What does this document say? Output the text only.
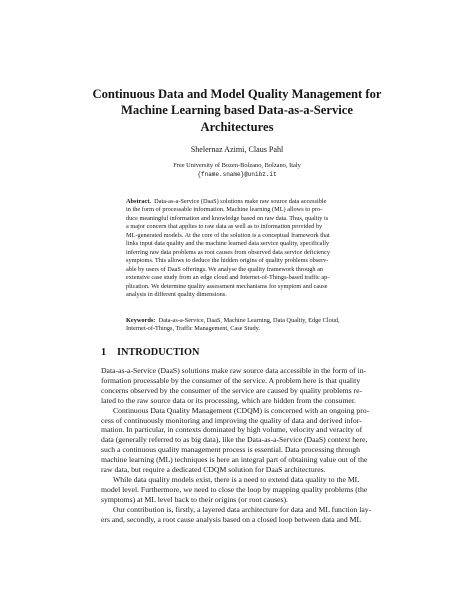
Continuous Data and Model Quality Management for
Machine Learning based Data-as-a-Service
Architectures
Shelernaz Azimi, Claus Pahl
Free University of Bozen-Bolzano, Bolzano, Italy
{fname.sname}@unibz.it
Abstract. Data-as-a-Service (DaaS) solutions make raw source data accessible
in the form of processable information. Machine learning (ML) allows to pro-
duce meaningful information and knowledge based on raw data. Thus, quality is
a major concern that applies to raw data as well as to information provided by
ML-generated models. At the core of the solution is a conceptual framework that
links input data quality and the machine learned data service quality, specifically
inferring raw data problems as root causes from observed data service deficiency
symptoms. This allows to deduce the hidden origins of quality problems observ-
able by users of DaaS offerings. We analyse the quality framework through an
extensive case study from an edge cloud and Internet-of-Things-based traffic ap-
plication. We determine quality assessment mechanisms for symptom and cause
analysis in different quality dimensions.
Keywords: Data-as-a-Service, DaaS, Machine Learning, Data Quality, Edge Cloud,
Internet-of-Things, Traffic Management, Case Study.
1 INTRODUCTION
Data-as-a-Service (DaaS) solutions make raw source data accessible in the form of in-
formation processable by the consumer of the service. A problem here is that quality
concerns observed by the consumer of the service are caused by quality problems re-
lated to the raw source data or its processing, which are hidden from the consumer.
Continuous Data Quality Management (CDQM) is concerned with an ongoing pro-
cess of continuously monitoring and improving the quality of data and derived infor-
mation. In particular, in contexts dominated by high volume, velocity and veracity of
data (generally referred to as big data), like the Data-as-a-Service (DaaS) context here,
such a continuous quality management process is essential. Data processing through
machine learning (ML) techniques is here an integral part of obtaining value out of the
raw data, but require a dedicated CDQM solution for DaaS architectures.
While data quality models exist, there is a need to extend data quality to the ML
model level. Furthermore, we need to close the loop by mapping quality problems (the
symptoms) at ML level back to their origins (or root causes).
Our contribution is, firstly, a layered data architecture for data and ML function lay-
ers and, secondly, a root cause analysis based on a closed loop between data and ML
